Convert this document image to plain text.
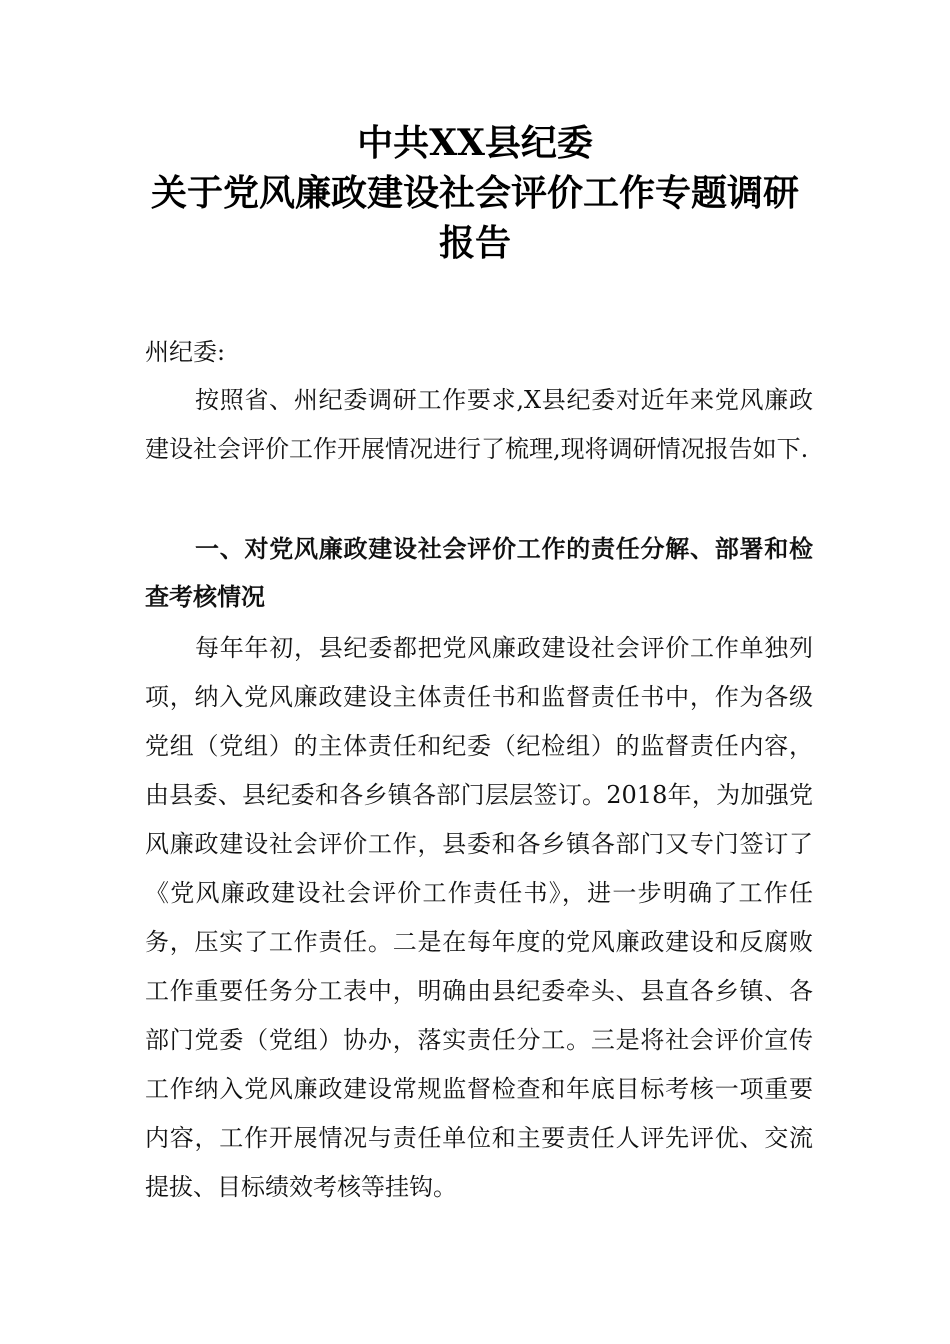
中共XX县纪委
关于党风廉政建设社会评价工作专题调研
报告
州纪委:

按照省、州纪委调研工作要求,X县纪委对近年来党风廉政建设社会评价工作开展情况进行了梳理,现将调研情况报告如下.

一、对党风廉政建设社会评价工作的责任分解、部署和检查考核情况

每年年初，县纪委都把党风廉政建设社会评价工作单独列项，纳入党风廉政建设主体责任书和监督责任书中，作为各级党组（党组）的主体责任和纪委（纪检组）的监督责任内容，由县委、县纪委和各乡镇各部门层层签订。2018年，为加强党风廉政建设社会评价工作，县委和各乡镇各部门又专门签订了《党风廉政建设社会评价工作责任书》，进一步明确了工作任务，压实了工作责任。二是在每年度的党风廉政建设和反腐败工作重要任务分工表中，明确由县纪委牵头、县直各乡镇、各部门党委（党组）协办，落实责任分工。三是将社会评价宣传工作纳入党风廉政建设常规监督检查和年底目标考核一项重要内容，工作开展情况与责任单位和主要责任人评先评优、交流提拔、目标绩效考核等挂钩。
